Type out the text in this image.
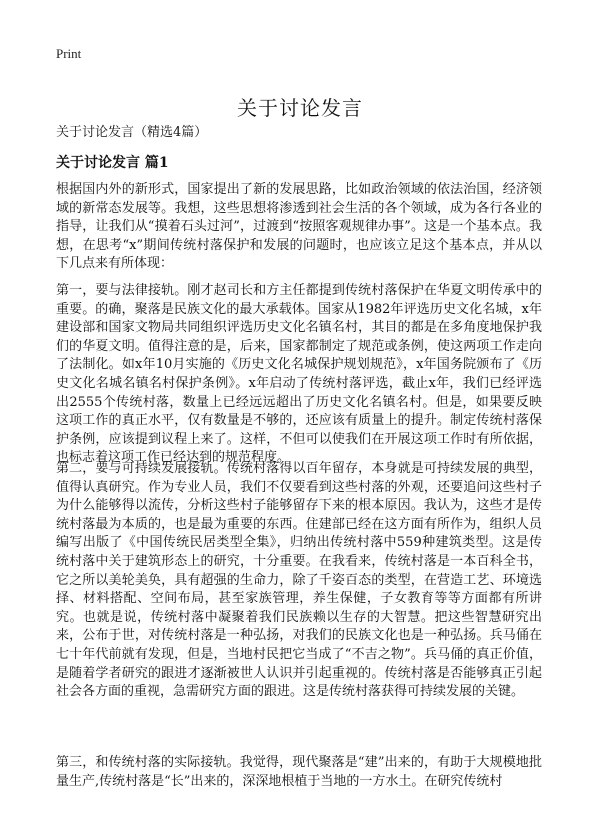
Print
关于讨论发言
关于讨论发言（精选4篇）
关于讨论发言 篇1

根据国内外的新形式，国家提出了新的发展思路，比如政治领域的依法治国，经济领域的新常态发展等。我想，这些思想将渗透到社会生活的各个领域，成为各行各业的指导，让我们从“摸着石头过河”，过渡到“按照客观规律办事”。这是一个基本点。我想，在思考“x”期间传统村落保护和发展的问题时，也应该立足这个基本点，并从以下几点来有所体现：

第一，要与法律接轨。刚才赵司长和方主任都提到传统村落保护在华夏文明传承中的重要。的确，聚落是民族文化的最大承载体。国家从1982年评选历史文化名城，x年建设部和国家文物局共同组织评选历史文化名镇名村，其目的都是在多角度地保护我们的华夏文明。值得注意的是，后来，国家都制定了规范或条例，使这两项工作走向了法制化。如x年10月实施的《历史文化名城保护规划规范》，x年国务院颁布了《历史文化名城名镇名村保护条例》。x年启动了传统村落评选，截止x年，我们已经评选出2555个传统村落，数量上已经远远超出了历史文化名镇名村。但是，如果要反映这项工作的真正水平，仅有数量是不够的，还应该有质量上的提升。制定传统村落保护条例，应该提到议程上来了。这样，不但可以使我们在开展这项工作时有所依据，也标志着这项工作已经达到的规范程度。

第二，要与可持续发展接轨。传统村落得以百年留存，本身就是可持续发展的典型，值得认真研究。作为专业人员，我们不仅要看到这些村落的外观，还要追问这些村子为什么能够得以流传，分析这些村子能够留存下来的根本原因。我认为，这些才是传统村落最为本质的，也是最为重要的东西。住建部已经在这方面有所作为，组织人员编写出版了《中国传统民居类型全集》，归纳出传统村落中559种建筑类型。这是传统村落中关于建筑形态上的研究，十分重要。在我看来，传统村落是一本百科全书，它之所以美轮美奂，具有超强的生命力，除了千姿百态的类型，在营造工艺、环境选择、材料搭配、空间布局，甚至家族管理，养生保健，子女教育等等方面都有所讲究。也就是说，传统村落中凝聚着我们民族赖以生存的大智慧。把这些智慧研究出来，公布于世，对传统村落是一种弘扬，对我们的民族文化也是一种弘扬。兵马俑在七十年代前就有发现，但是，当地村民把它当成了“不吉之物”。兵马俑的真正价值，是随着学者研究的跟进才逐渐被世人认识并引起重视的。传统村落是否能够真正引起社会各方面的重视，急需研究方面的跟进。这是传统村落获得可持续发展的关键。

第三，和传统村落的实际接轨。我觉得，现代聚落是“建”出来的，有助于大规模地批量生产,传统村落是“长”出来的，深深地根植于当地的一方水土。在研究传统村
